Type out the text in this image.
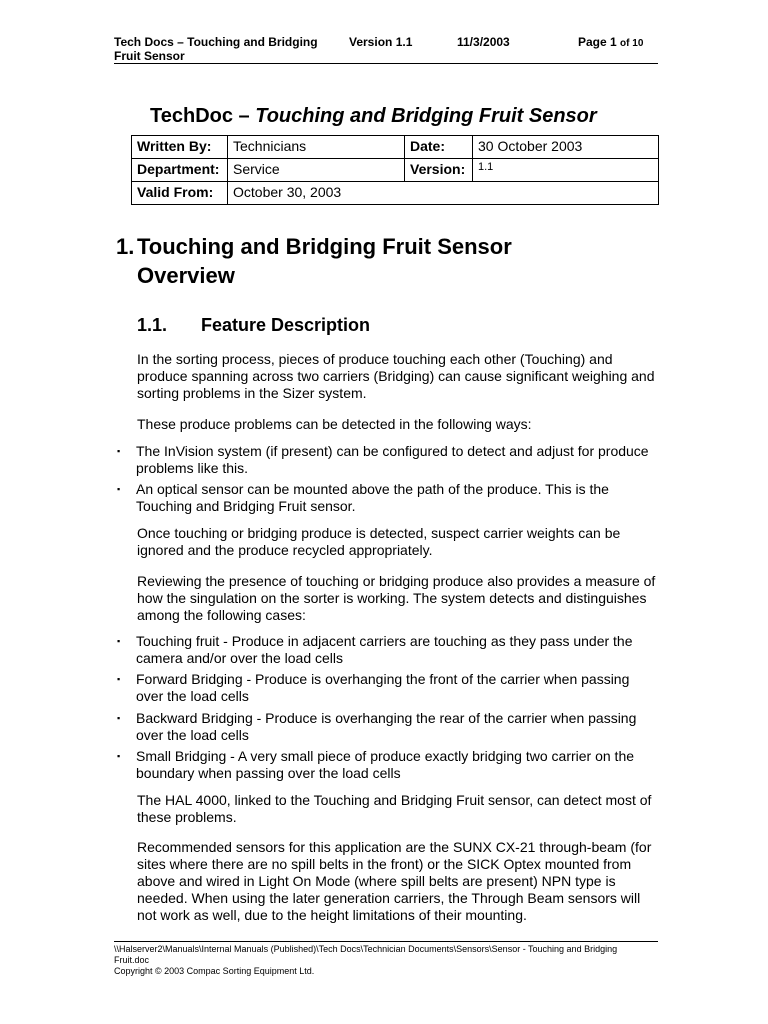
Tech Docs – Touching and Bridging
Fruit Sensor
Version 1.1	11/3/2003	Page 1 of 10
TechDoc – Touching and Bridging Fruit Sensor
Written By:	Technicians	Date:	30 October 2003
Department:	Service	Version:	1.1
Valid From:	October 30, 2003		
1. Touching and Bridging Fruit Sensor
Overview
1.1. Feature Description
In the sorting process, pieces of produce touching each other (Touching) and produce spanning across two carriers (Bridging) can cause significant weighing and sorting problems in the Sizer system.
These produce problems can be detected in the following ways:
▪	The InVision system (if present) can be configured to detect and adjust for produce problems like this.
▪	An optical sensor can be mounted above the path of the produce. This is the Touching and Bridging Fruit sensor.
Once touching or bridging produce is detected, suspect carrier weights can be ignored and the produce recycled appropriately.
Reviewing the presence of touching or bridging produce also provides a measure of how the singulation on the sorter is working. The system detects and distinguishes among the following cases:
▪	Touching fruit - Produce in adjacent carriers are touching as they pass under the camera and/or over the load cells
▪	Forward Bridging - Produce is overhanging the front of the carrier when passing over the load cells
▪	Backward Bridging - Produce is overhanging the rear of the carrier when passing over the load cells
▪	Small Bridging - A very small piece of produce exactly bridging two carrier on the boundary when passing over the load cells
The HAL 4000, linked to the Touching and Bridging Fruit sensor, can detect most of these problems.
Recommended sensors for this application are the SUNX CX-21 through-beam (for sites where there are no spill belts in the front) or the SICK Optex mounted from above and wired in Light On Mode (where spill belts are present) NPN type is needed. When using the later generation carriers, the Through Beam sensors will not work as well, due to the height limitations of their mounting.
\\Halserver2\Manuals\Internal Manuals (Published)\Tech Docs\Technician Documents\Sensors\Sensor - Touching and Bridging
Fruit.doc
Copyright © 2003 Compac Sorting Equipment Ltd.
